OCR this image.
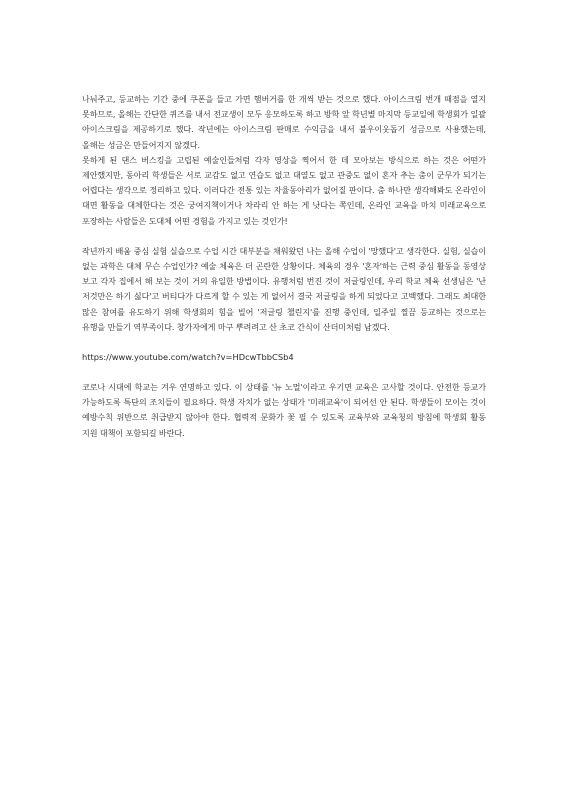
나눠주고, 등교하는 기간 중에 쿠폰을 들고 가면 햄버거를 한 개씩 받는 것으로 했다. 아이스크림 번개 때점을 열지 못하므로, 올해는 간단한 퀴즈를 내서 전교생이 모두 응모하도록 하고 방학 앞 학년별 마지막 등교일에 학생회가 일괄 아이스크림을 제공하기로 했다. 작년에는 아이스크림 판매로 수익금을 내서 불우이웃돕기 성금으로 사용했는데, 올해는 성금은 만들어지지 않겠다.

못하게 된 댄스 버스킹을 고립된 예술인들처럼 각자 영상을 찍어서 한 데 모아보는 방식으로 하는 것은 어떤가 제안했지만, 동아리 학생들은 서로 교감도 없고 연습도 없고 대열도 없고 관중도 없이 혼자 추는 춤이 군무가 되기는 어렵다는 생각으로 정리하고 있다. 이러다간 전통 있는 자율동아리가 없어질 판이다. 춤 하나만 생각해봐도 온라인이 대면 활동을 대체한다는 것은 궁여지책이거나 차라리 안 하는 게 낫다는 쪽인데, 온라인 교육을 마치 미래교육으로 포장하는 사람들은 도대체 어떤 경험을 가지고 있는 것인가!

작년까지 배움 중심 실험 실습으로 수업 시간 대부분을 채워왔던 나는 올해 수업이 '망했다'고 생각한다. 실험, 실습이 없는 과학은 대체 무슨 수업인가? 예술 체육은 더 곤란한 상황이다. 체육의 경우 '혼자'하는 근력 중심 활동을 동영상 보고 각자 집에서 해 보는 것이 거의 유일한 방법이다. 유행처럼 번진 것이 저글링인데, 우리 학교 체육 선생님은 '난 저것만은 하기 싫다'고 버티다가 다르게 할 수 있는 게 없어서 결국 저글링을 하게 되었다고 고백했다. 그래도 최대한 많은 참여를 유도하기 위해 학생회의 힘을 빌어 '저글링 챌린지'를 진행 중인데, 일주일 찔끔 등교하는 것으로는 유행을 만들기 역부족이다. 창가자에게 마구 뿌려려고 산 초코 간식이 산더미처럼 남겠다.

https://www.youtube.com/watch?v=HDcwTbbCSb4

코로나 시대에 학교는 겨우 연명하고 있다. 이 상태를 '뉴 노멀'이라고 우기면 교육은 고사할 것이다. 안전한 등교가 가능하도록 특단의 조치들이 필요하다. 학생 자치가 없는 상태가 '미래교육'이 되어선 안 된다. 학생들이 모이는 것이 예방수칙 위반으로 취급받지 않아야 한다. 협력적 문화가 꽃 필 수 있도록 교육부와 교육청의 방침에 학생회 활동 지원 대책이 포함되길 바란다.
